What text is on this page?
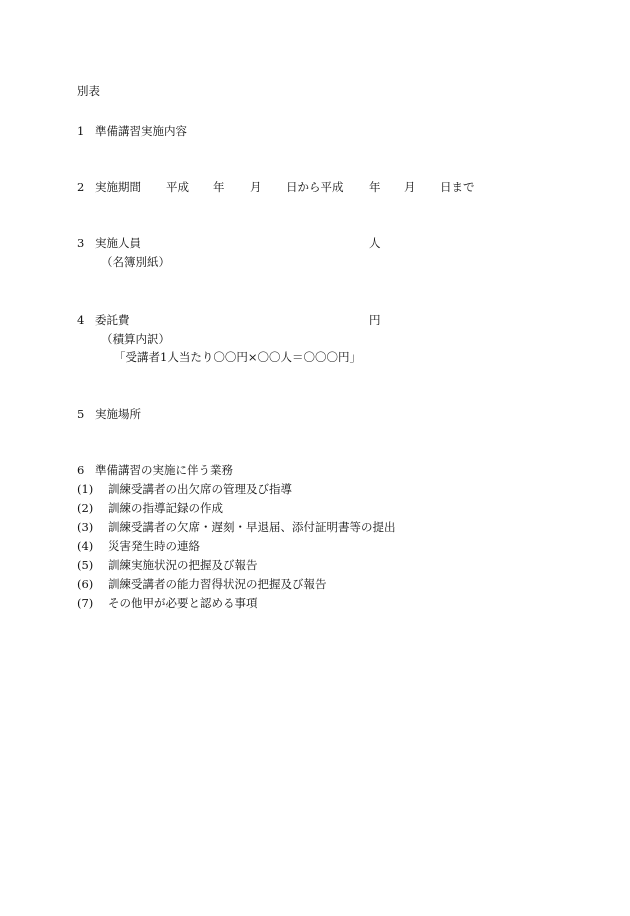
別表
1 準備講習実施内容
2 実施期間 平成 年 月 日から平成 年 月 日まで
3 実施人員	人
（名簿別紙）
4 委託費	円
（積算内訳）
「受講者1人当たり〇〇円×〇〇人＝〇〇〇円」
5 実施場所
6 準備講習の実施に伴う業務
(1) 訓練受講者の出欠席の管理及び指導
(2) 訓練の指導記録の作成
(3) 訓練受講者の欠席・遅刻・早退届、添付証明書等の提出
(4) 災害発生時の連絡
(5) 訓練実施状況の把握及び報告
(6) 訓練受講者の能力習得状況の把握及び報告
(7) その他甲が必要と認める事項
